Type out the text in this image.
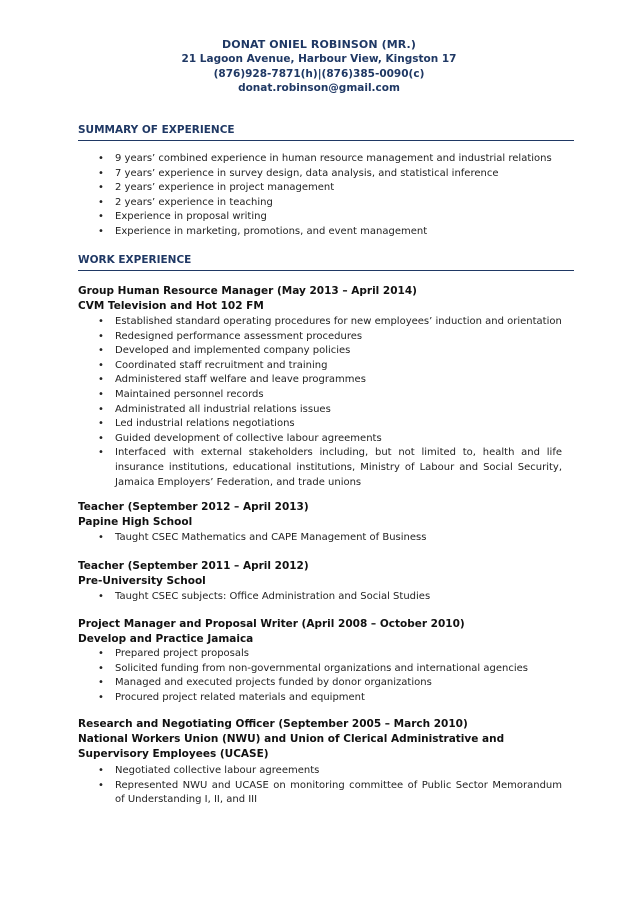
DONAT ONIEL ROBINSON (MR.)
21 Lagoon Avenue, Harbour View, Kingston 17
(876)928-7871(h)|(876)385-0090(c)
donat.robinson@gmail.com
SUMMARY OF EXPERIENCE
• 9 years’ combined experience in human resource management and industrial relations
• 7 years’ experience in survey design, data analysis, and statistical inference
• 2 years’ experience in project management
• 2 years’ experience in teaching
• Experience in proposal writing
• Experience in marketing, promotions, and event management
WORK EXPERIENCE
Group Human Resource Manager (May 2013 – April 2014)
CVM Television and Hot 102 FM
• Established standard operating procedures for new employees’ induction and orientation
• Redesigned performance assessment procedures
• Developed and implemented company policies
• Coordinated staff recruitment and training
• Administered staff welfare and leave programmes
• Maintained personnel records
• Administrated all industrial relations issues
• Led industrial relations negotiations
• Guided development of collective labour agreements
• Interfaced with external stakeholders including, but not limited to, health and life insurance institutions, educational institutions, Ministry of Labour and Social Security, Jamaica Employers’ Federation, and trade unions
Teacher (September 2012 – April 2013)
Papine High School
• Taught CSEC Mathematics and CAPE Management of Business
Teacher (September 2011 – April 2012)
Pre-University School
• Taught CSEC subjects: Office Administration and Social Studies
Project Manager and Proposal Writer (April 2008 – October 2010)
Develop and Practice Jamaica
• Prepared project proposals
• Solicited funding from non-governmental organizations and international agencies
• Managed and executed projects funded by donor organizations
• Procured project related materials and equipment
Research and Negotiating Officer (September 2005 – March 2010)
National Workers Union (NWU) and Union of Clerical Administrative and Supervisory Employees (UCASE)
• Negotiated collective labour agreements
• Represented NWU and UCASE on monitoring committee of Public Sector Memorandum of Understanding I, II, and III
